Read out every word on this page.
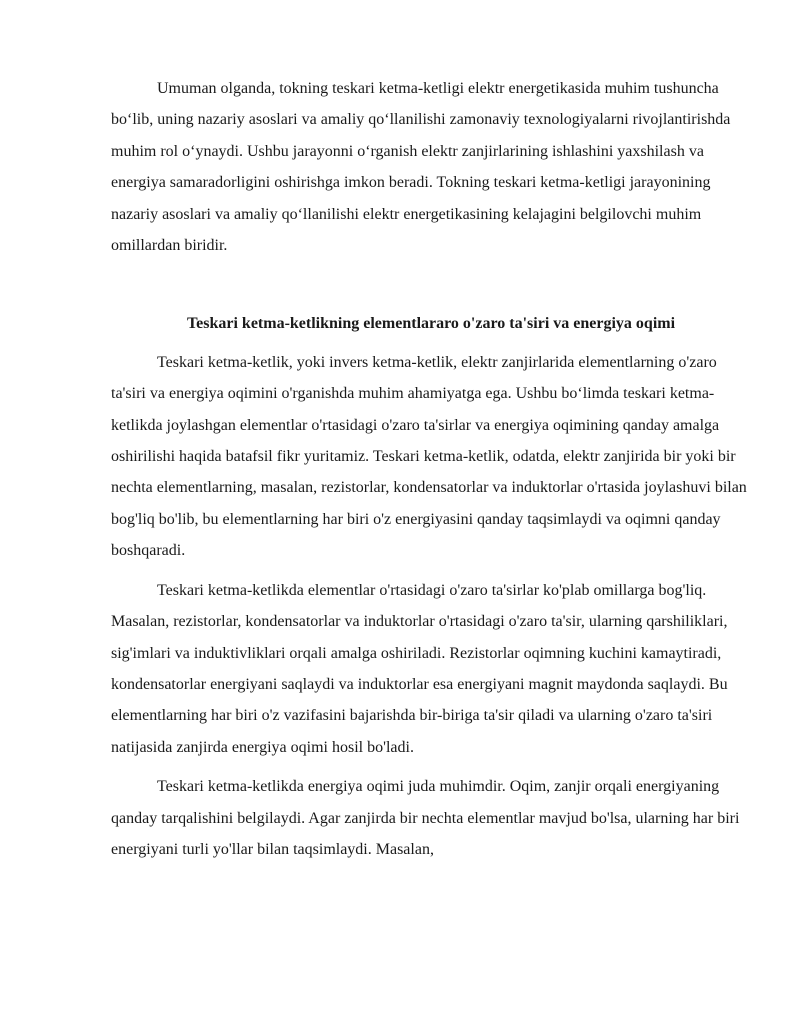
Umuman olganda, tokning teskari ketma-ketligi elektr energetikasida muhim tushuncha bo‘lib, uning nazariy asoslari va amaliy qo‘llanilishi zamonaviy texnologiyalarni rivojlantirishda muhim rol o‘ynaydi. Ushbu jarayonni o‘rganish elektr zanjirlarining ishlashini yaxshilash va energiya samaradorligini oshirishga imkon beradi. Tokning teskari ketma-ketligi jarayonining nazariy asoslari va amaliy qo‘llanilishi elektr energetikasining kelajagini belgilovchi muhim omillardan biridir.

Teskari ketma-ketlikning elementlararo o'zaro ta'siri va energiya oqimi

Teskari ketma-ketlik, yoki invers ketma-ketlik, elektr zanjirlarida elementlarning o'zaro ta'siri va energiya oqimini o'rganishda muhim ahamiyatga ega. Ushbu bo‘limda teskari ketma-ketlikda joylashgan elementlar o'rtasidagi o'zaro ta'sirlar va energiya oqimining qanday amalga oshirilishi haqida batafsil fikr yuritamiz. Teskari ketma-ketlik, odatda, elektr zanjirida bir yoki bir nechta elementlarning, masalan, rezistorlar, kondensatorlar va induktorlar o'rtasida joylashuvi bilan bog'liq bo'lib, bu elementlarning har biri o'z energiyasini qanday taqsimlaydi va oqimni qanday boshqaradi.

Teskari ketma-ketlikda elementlar o'rtasidagi o'zaro ta'sirlar ko'plab omillarga bog'liq. Masalan, rezistorlar, kondensatorlar va induktorlar o'rtasidagi o'zaro ta'sir, ularning qarshiliklari, sig'imlari va induktivliklari orqali amalga oshiriladi. Rezistorlar oqimning kuchini kamaytiradi, kondensatorlar energiyani saqlaydi va induktorlar esa energiyani magnit maydonda saqlaydi. Bu elementlarning har biri o'z vazifasini bajarishda bir-biriga ta'sir qiladi va ularning o'zaro ta'siri natijasida zanjirda energiya oqimi hosil bo'ladi.

Teskari ketma-ketlikda energiya oqimi juda muhimdir. Oqim, zanjir orqali energiyaning qanday tarqalishini belgilaydi. Agar zanjirda bir nechta elementlar mavjud bo'lsa, ularning har biri energiyani turli yo'llar bilan taqsimlaydi. Masalan,
